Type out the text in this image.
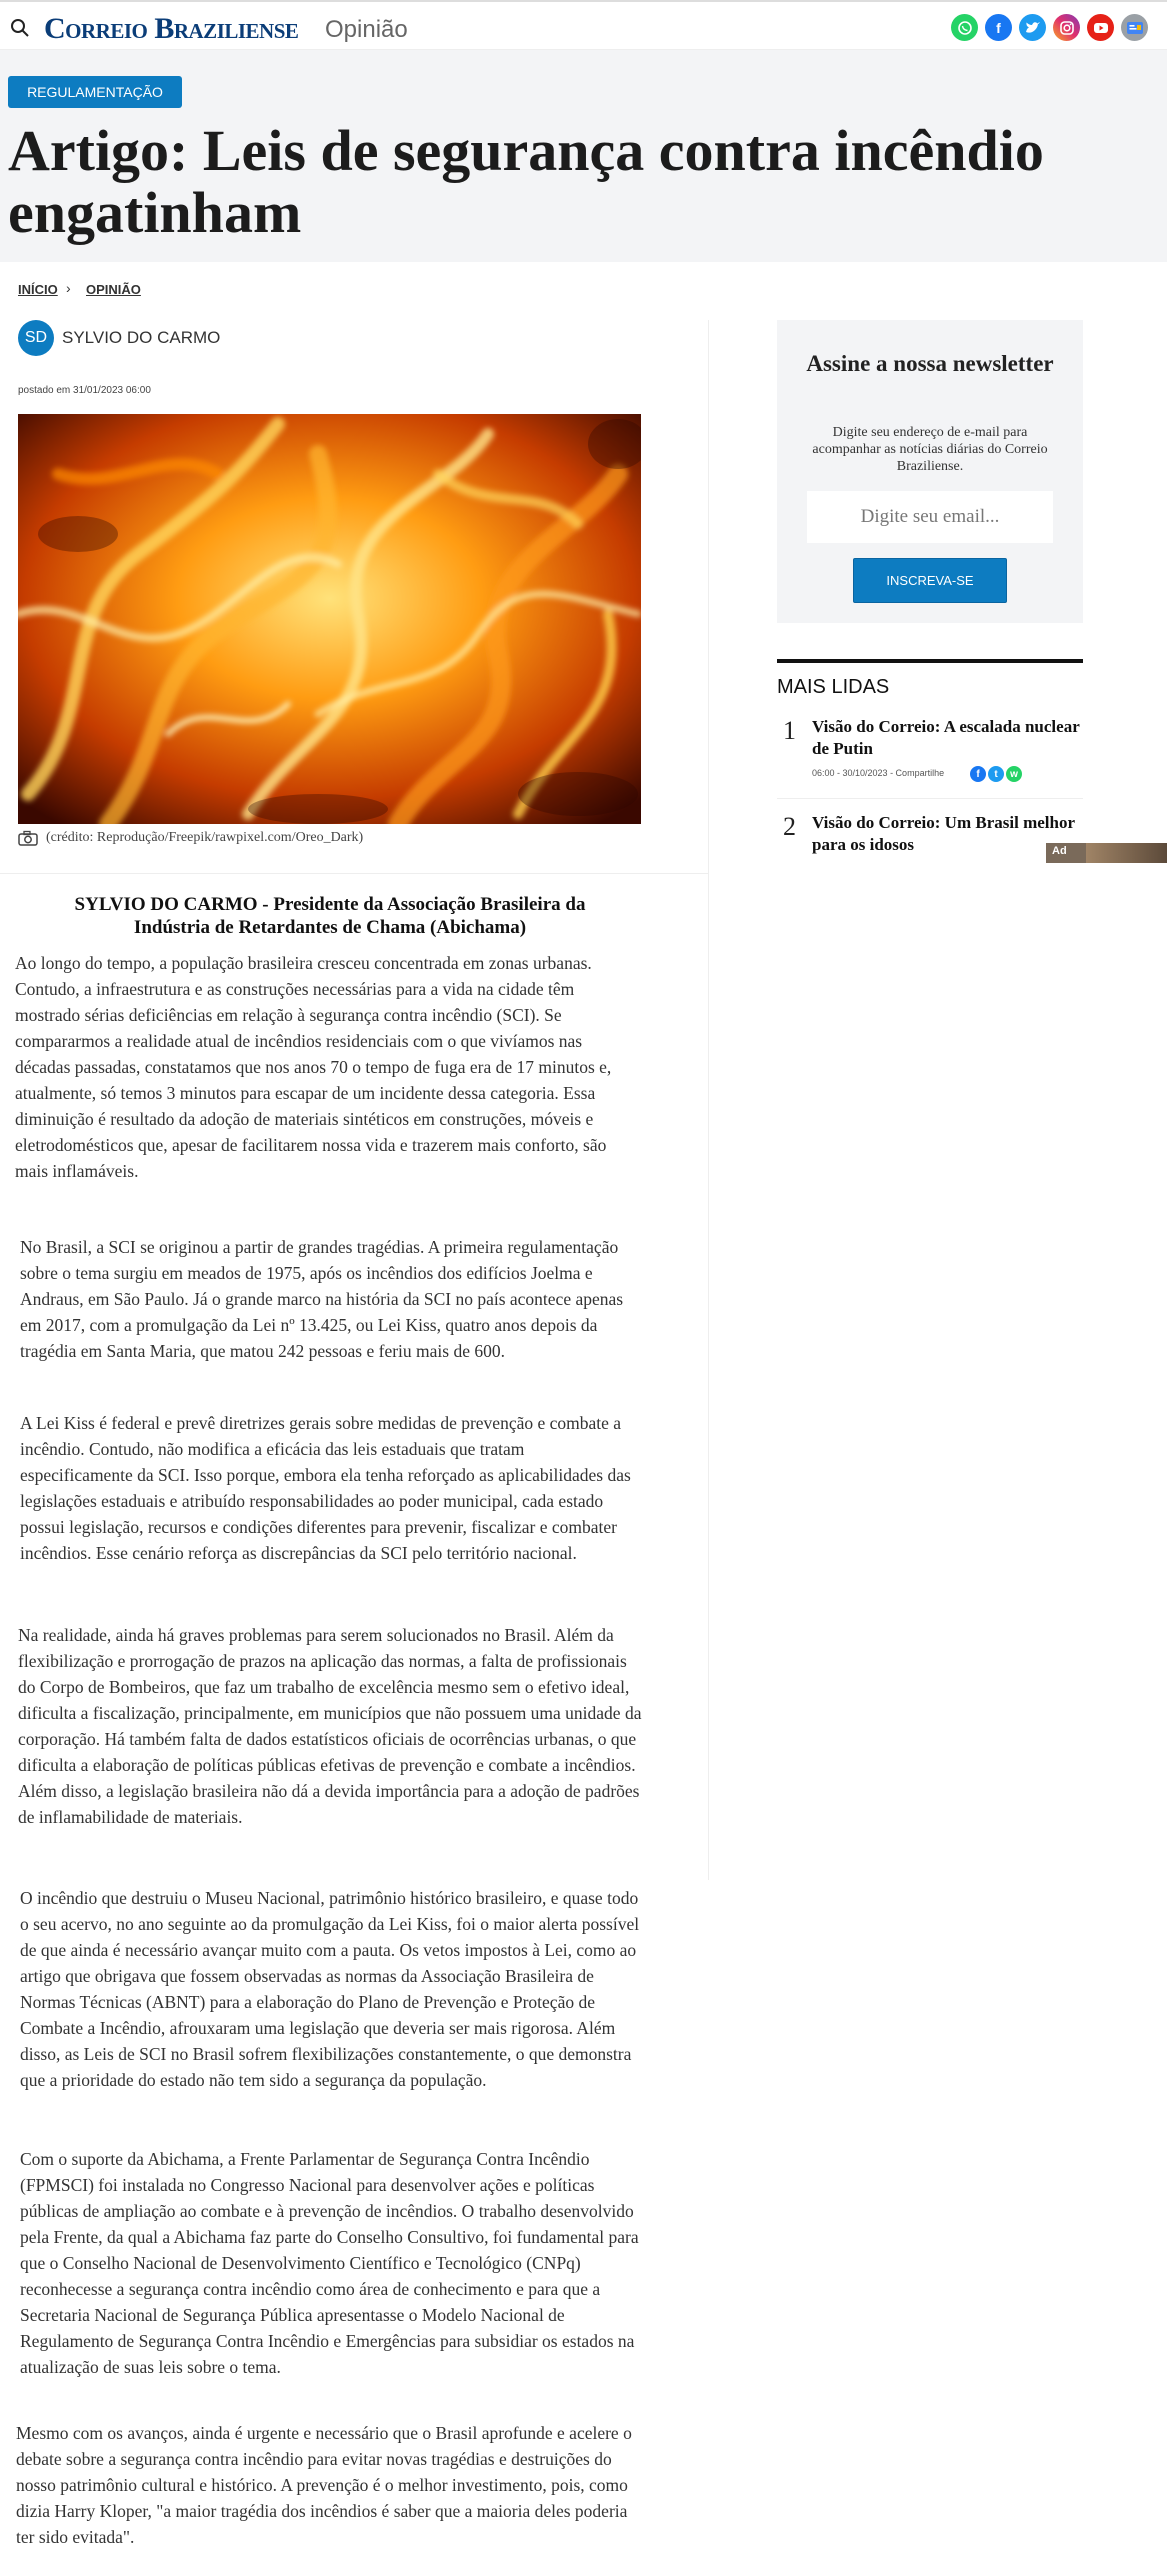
Correio Braziliense Opinião	f
REGULAMENTAÇÃO
Artigo: Leis de segurança contra incêndio engatinham
INÍCIO › OPINIÃO
SD SYLVIO DO CARMO
postado em 31/01/2023 06:00
(crédito: Reprodução/Freepik/rawpixel.com/Oreo_Dark)
Assine a nossa newsletter

Digite seu endereço de e-mail para acompanhar as notícias diárias do Correio Braziliense.

Digite seu email...
INSCREVA-SE
MAIS LIDAS
1 Visão do Correio: A escalada nuclear de Putin
06:00 - 30/10/2023 - Compartilhe	f	t	w
2 Visão do Correio: Um Brasil melhor para os idosos	Ad
SYLVIO DO CARMO - Presidente da Associação Brasileira da Indústria de Retardantes de Chama (Abichama)

Ao longo do tempo, a população brasileira cresceu concentrada em zonas urbanas. Contudo, a infraestrutura e as construções necessárias para a vida na cidade têm mostrado sérias deficiências em relação à segurança contra incêndio (SCI). Se compararmos a realidade atual de incêndios residenciais com o que vivíamos nas décadas passadas, constatamos que nos anos 70 o tempo de fuga era de 17 minutos e, atualmente, só temos 3 minutos para escapar de um incidente dessa categoria. Essa diminuição é resultado da adoção de materiais sintéticos em construções, móveis e eletrodomésticos que, apesar de facilitarem nossa vida e trazerem mais conforto, são mais inflamáveis.

No Brasil, a SCI se originou a partir de grandes tragédias. A primeira regulamentação sobre o tema surgiu em meados de 1975, após os incêndios dos edifícios Joelma e Andraus, em São Paulo. Já o grande marco na história da SCI no país acontece apenas em 2017, com a promulgação da Lei nº 13.425, ou Lei Kiss, quatro anos depois da tragédia em Santa Maria, que matou 242 pessoas e feriu mais de 600.

A Lei Kiss é federal e prevê diretrizes gerais sobre medidas de prevenção e combate a incêndio. Contudo, não modifica a eficácia das leis estaduais que tratam especificamente da SCI. Isso porque, embora ela tenha reforçado as aplicabilidades das legislações estaduais e atribuído responsabilidades ao poder municipal, cada estado possui legislação, recursos e condições diferentes para prevenir, fiscalizar e combater incêndios. Esse cenário reforça as discrepâncias da SCI pelo território nacional.

Na realidade, ainda há graves problemas para serem solucionados no Brasil. Além da flexibilização e prorrogação de prazos na aplicação das normas, a falta de profissionais do Corpo de Bombeiros, que faz um trabalho de excelência mesmo sem o efetivo ideal, dificulta a fiscalização, principalmente, em municípios que não possuem uma unidade da corporação. Há também falta de dados estatísticos oficiais de ocorrências urbanas, o que dificulta a elaboração de políticas públicas efetivas de prevenção e combate a incêndios. Além disso, a legislação brasileira não dá a devida importância para a adoção de padrões de inflamabilidade de materiais.

O incêndio que destruiu o Museu Nacional, patrimônio histórico brasileiro, e quase todo o seu acervo, no ano seguinte ao da promulgação da Lei Kiss, foi o maior alerta possível de que ainda é necessário avançar muito com a pauta. Os vetos impostos à Lei, como ao artigo que obrigava que fossem observadas as normas da Associação Brasileira de Normas Técnicas (ABNT) para a elaboração do Plano de Prevenção e Proteção de Combate a Incêndio, afrouxaram uma legislação que deveria ser mais rigorosa. Além disso, as Leis de SCI no Brasil sofrem flexibilizações constantemente, o que demonstra que a prioridade do estado não tem sido a segurança da população.

Com o suporte da Abichama, a Frente Parlamentar de Segurança Contra Incêndio (FPMSCI) foi instalada no Congresso Nacional para desenvolver ações e políticas públicas de ampliação ao combate e à prevenção de incêndios. O trabalho desenvolvido pela Frente, da qual a Abichama faz parte do Conselho Consultivo, foi fundamental para que o Conselho Nacional de Desenvolvimento Científico e Tecnológico (CNPq) reconhecesse a segurança contra incêndio como área de conhecimento e para que a Secretaria Nacional de Segurança Pública apresentasse o Modelo Nacional de Regulamento de Segurança Contra Incêndio e Emergências para subsidiar os estados na atualização de suas leis sobre o tema.

Mesmo com os avanços, ainda é urgente e necessário que o Brasil aprofunde e acelere o debate sobre a segurança contra incêndio para evitar novas tragédias e destruições do nosso patrimônio cultural e histórico. A prevenção é o melhor investimento, pois, como dizia Harry Kloper, "a maior tragédia dos incêndios é saber que a maioria deles poderia ter sido evitada".
